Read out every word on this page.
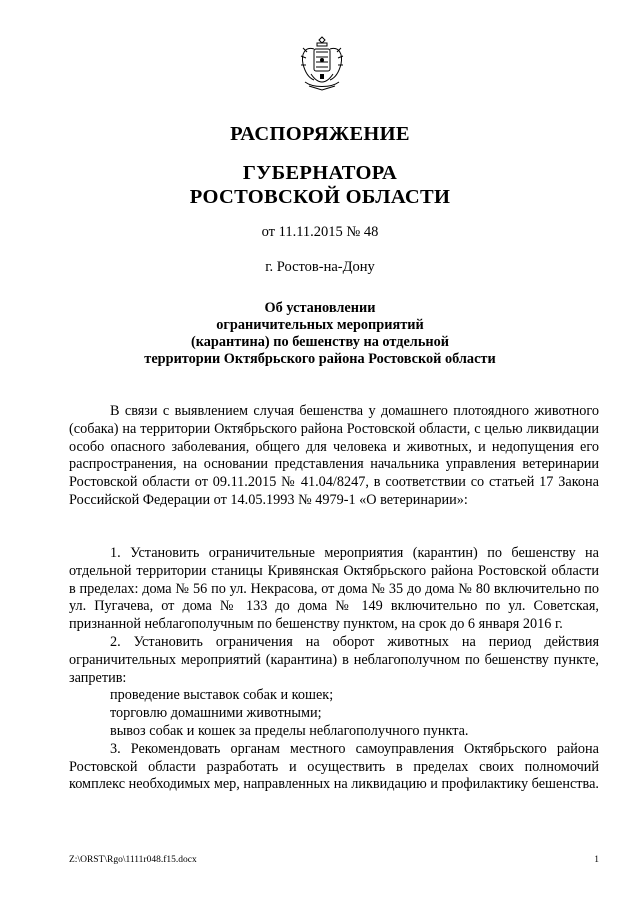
РАСПОРЯЖЕНИЕ
ГУБЕРНАТОРА
РОСТОВСКОЙ ОБЛАСТИ
от 11.11.2015 № 48
г. Ростов-на-Дону
Об установлении
ограничительных мероприятий
(карантина) по бешенству на отдельной
территории Октябрьского района Ростовской области

В связи с выявлением случая бешенства у домашнего плотоядного животного (собака) на территории Октябрьского района Ростовской области, с целью ликвидации особо опасного заболевания, общего для человека и животных, и недопущения его распространения, на основании представления начальника управления ветеринарии Ростовской области от 09.11.2015 № 41.04/8247, в соответствии со статьей 17 Закона Российской Федерации от 14.05.1993 № 4979-1 «О ветеринарии»:

1. Установить ограничительные мероприятия (карантин) по бешенству на отдельной территории станицы Кривянская Октябрьского района Ростовской области в пределах: дома № 56 по ул. Некрасова, от дома № 35 до дома № 80 включительно по ул. Пугачева, от дома № 133 до дома № 149 включительно по ул. Советская, признанной неблагополучным по бешенству пунктом, на срок до 6 января 2016 г.

2. Установить ограничения на оборот животных на период действия ограничительных мероприятий (карантина) в неблагополучном по бешенству пункте, запретив:

проведение выставок собак и кошек;

торговлю домашними животными;

вывоз собак и кошек за пределы неблагополучного пункта.

3. Рекомендовать органам местного самоуправления Октябрьского района Ростовской области разработать и осуществить в пределах своих полномочий комплекс необходимых мер, направленных на ликвидацию и профилактику бешенства.

Z:\ORST\Rgo\1111r048.f15.docx	1
